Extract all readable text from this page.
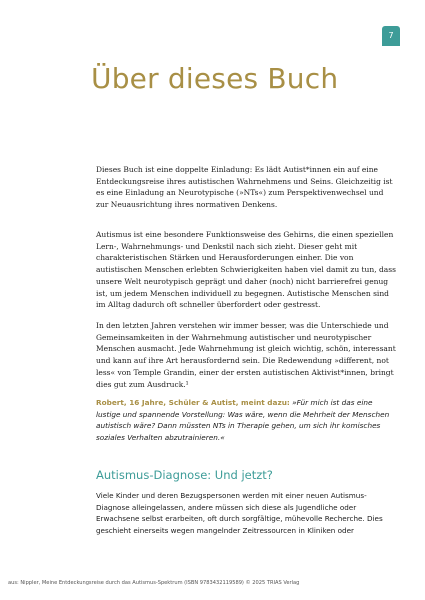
7
Über dieses Buch

Dieses Buch ist eine doppelte Einladung: Es lädt Autist*innen ein auf eine Entdeckungsreise ihres autistischen Wahrnehmens und Seins. Gleichzeitig ist es eine Einladung an Neurotypische (»NTs«) zum Perspektivenwechsel und zur Neuausrichtung ihres normativen Denkens.

Autismus ist eine besondere Funktionsweise des Gehirns, die einen speziellen Lern-, Wahrnehmungs- und Denkstil nach sich zieht. Dieser geht mit charakteristischen Stärken und Herausforderungen einher. Die von autistischen Menschen erlebten Schwierigkeiten haben viel damit zu tun, dass unsere Welt neurotypisch geprägt und daher (noch) nicht barrierefrei genug ist, um jedem Menschen individuell zu begegnen. Autistische Menschen sind im Alltag dadurch oft schneller überfordert oder gestresst.

In den letzten Jahren verstehen wir immer besser, was die Unterschiede und Gemeinsamkeiten in der Wahrnehmung autistischer und neurotypischer Menschen ausmacht. Jede Wahrnehmung ist gleich wichtig, schön, interessant und kann auf ihre Art herausfordernd sein. Die Redewendung »different, not less« von Temple Grandin, einer der ersten autistischen Aktivist*innen, bringt dies gut zum Ausdruck.¹

Robert, 16 Jahre, Schüler & Autist, meint dazu: »Für mich ist das eine lustige und spannende Vorstellung: Was wäre, wenn die Mehrheit der Menschen autistisch wäre? Dann müssten NTs in Therapie gehen, um sich ihr komisches soziales Verhalten abzutrainieren.«

Autismus-Diagnose: Und jetzt?

Viele Kinder und deren Bezugspersonen werden mit einer neuen Autismus-Diagnose alleingelassen, andere müssen sich diese als Jugendliche oder Erwachsene selbst erarbeiten, oft durch sorgfältige, mühevolle Recherche. Dies geschieht einerseits wegen mangelnder Zeitressourcen in Kliniken oder

aus: Nippler, Meine Entdeckungsreise durch das Autismus-Spektrum (ISBN 9783432119589) © 2025 TRIAS Verlag
